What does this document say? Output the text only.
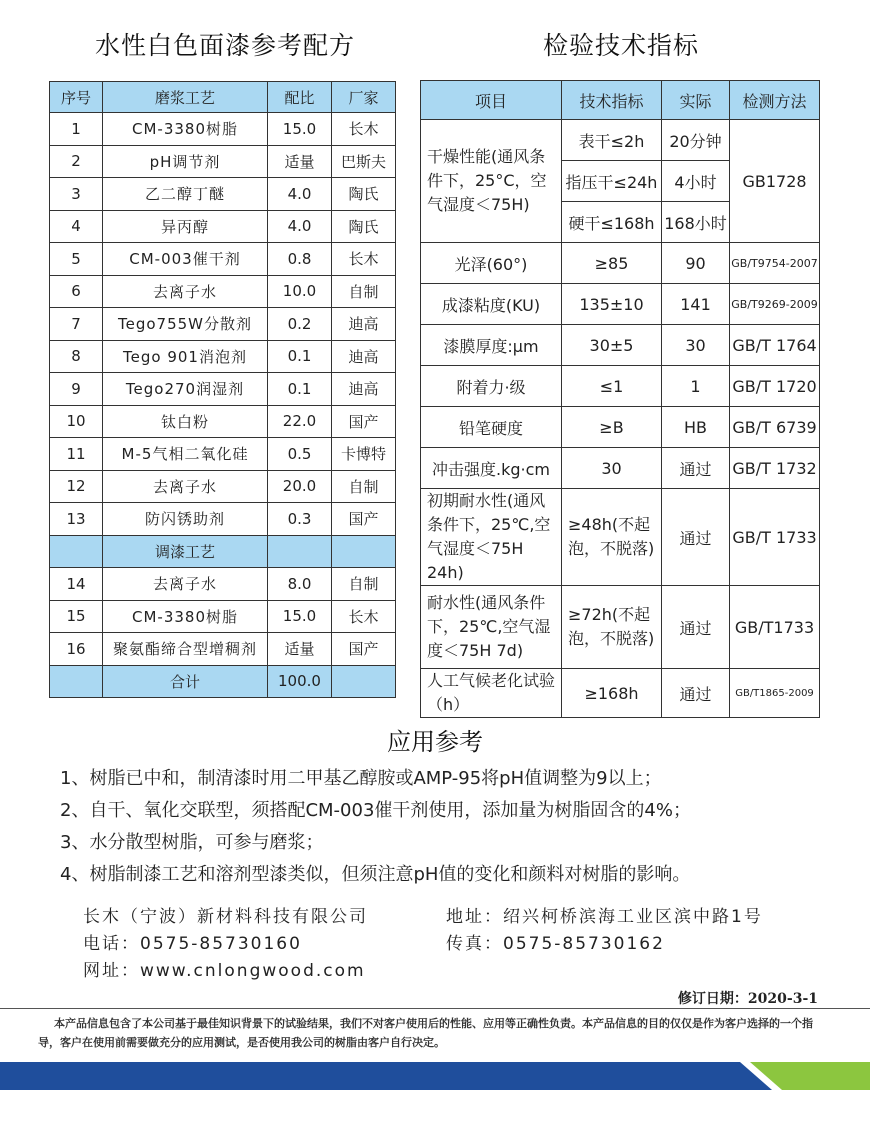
水性白色面漆参考配方	检验技术指标
序号	磨浆工艺	配比	厂家
1	CM-3380树脂	15.0	长木
2	pH调节剂	适量	巴斯夫
3	乙二醇丁醚	4.0	陶氏
4	异丙醇	4.0	陶氏
5	CM-003催干剂	0.8	长木
6	去离子水	10.0	自制
7	Tego755W分散剂	0.2	迪高
8	Tego 901消泡剂	0.1	迪高
9	Tego270润湿剂	0.1	迪高
10	钛白粉	22.0	国产
11	M-5气相二氧化硅	0.5	卡博特
12	去离子水	20.0	自制
13	防闪锈助剂	0.3	国产
	调漆工艺		
14	去离子水	8.0	自制
15	CM-3380树脂	15.0	长木
16	聚氨酯缔合型增稠剂	适量	国产
	合计	100.0	
项目	技术指标	实际	检测方法
干燥性能(通风条件下，25°C，空气湿度＜75H)	表干≤2h	20分钟	GB1728
	指压干≤24h	4小时	
	硬干≤168h	168小时	
光泽(60°)	≥85	90	GB/T9754-2007
成漆粘度(KU)	135±10	141	GB/T9269-2009
漆膜厚度:μm	30±5	30	GB/T 1764
附着力·级	≤1	1	GB/T 1720
铅笔硬度	≥B	HB	GB/T 6739
冲击强度.kg·cm	30	通过	GB/T 1732
初期耐水性(通风条件下，25℃,空气湿度＜75H 24h)	≥48h(不起泡，不脱落)	通过	GB/T 1733
耐水性(通风条件下，25℃,空气湿度＜75H 7d)	≥72h(不起泡，不脱落)	通过	GB/T1733
人工气候老化试验（h）	≥168h	通过	GB/T1865-2009
应用参考
1、树脂已中和，制清漆时用二甲基乙醇胺或AMP-95将pH值调整为9以上；
2、自干、氧化交联型，须搭配CM-003催干剂使用，添加量为树脂固含的4%；
3、水分散型树脂，可参与磨浆；
4、树脂制漆工艺和溶剂型漆类似，但须注意pH值的变化和颜料对树脂的影响。
长木（宁波）新材料科技有限公司	地址：绍兴柯桥滨海工业区滨中路1号
电话：0575-85730160	传真：0575-85730162
网址：www.cnlongwood.com
修订日期：2020-3-1

本产品信息包含了本公司基于最佳知识背景下的试验结果，我们不对客户使用后的性能、应用等正确性负责。本产品信息的目的仅仅是作为客户选择的一个指导，客户在使用前需要做充分的应用测试，是否使用我公司的树脂由客户自行决定。
